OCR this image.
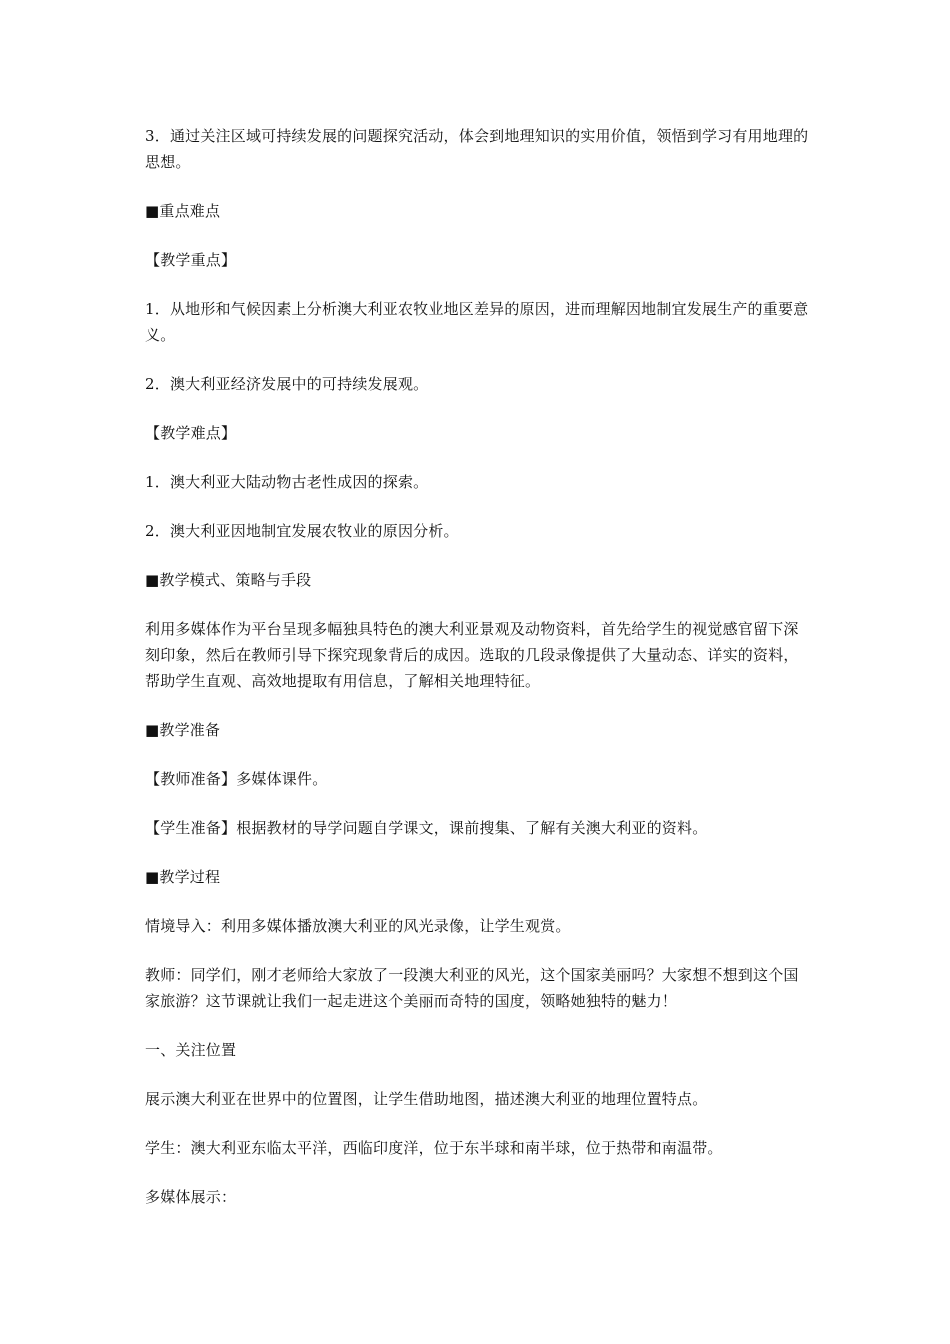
3．通过关注区域可持续发展的问题探究活动，体会到地理知识的实用价值，领悟到学习有用地理的思想。

■重点难点

【教学重点】

1．从地形和气候因素上分析澳大利亚农牧业地区差异的原因，进而理解因地制宜发展生产的重要意义。

2．澳大利亚经济发展中的可持续发展观。

【教学难点】

1．澳大利亚大陆动物古老性成因的探索。

2．澳大利亚因地制宜发展农牧业的原因分析。

■教学模式、策略与手段

利用多媒体作为平台呈现多幅独具特色的澳大利亚景观及动物资料，首先给学生的视觉感官留下深刻印象，然后在教师引导下探究现象背后的成因。选取的几段录像提供了大量动态、详实的资料，帮助学生直观、高效地提取有用信息，了解相关地理特征。

■教学准备

【教师准备】多媒体课件。

【学生准备】根据教材的导学问题自学课文，课前搜集、了解有关澳大利亚的资料。

■教学过程

情境导入：利用多媒体播放澳大利亚的风光录像，让学生观赏。

教师：同学们，刚才老师给大家放了一段澳大利亚的风光，这个国家美丽吗？大家想不想到这个国家旅游？这节课就让我们一起走进这个美丽而奇特的国度，领略她独特的魅力！

一、关注位置

展示澳大利亚在世界中的位置图，让学生借助地图，描述澳大利亚的地理位置特点。

学生：澳大利亚东临太平洋，西临印度洋，位于东半球和南半球，位于热带和南温带。

多媒体展示：
